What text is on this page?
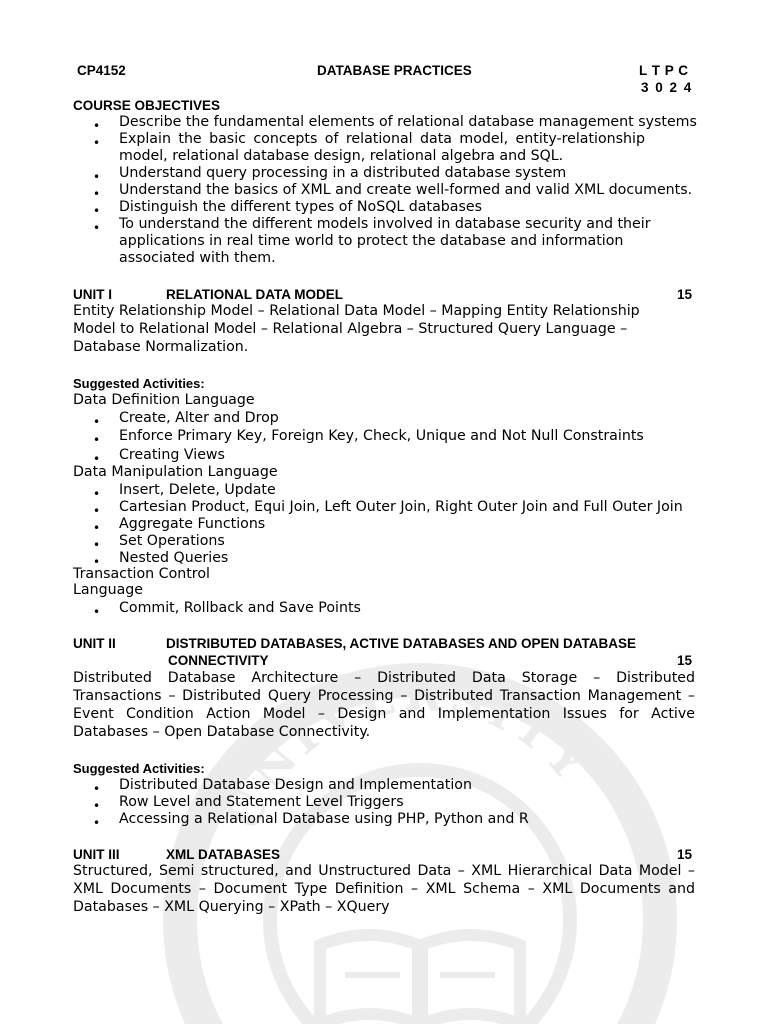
UNIVERSITY
CP4152	DATABASE PRACTICES	L T P C
3 0 2 4
COURSE OBJECTIVES
• Describe the fundamental elements of relational database management systems
• Explain the basic concepts of relational data model, entity-relationship
model, relational database design, relational algebra and SQL.
• Understand query processing in a distributed database system
• Understand the basics of XML and create well-formed and valid XML documents.
• Distinguish the different types of NoSQL databases
• To understand the different models involved in database security and their
applications in real time world to protect the database and information
associated with them.
UNIT I	RELATIONAL DATA MODEL	15
Entity Relationship Model – Relational Data Model – Mapping Entity Relationship
Model to Relational Model – Relational Algebra – Structured Query Language –
Database Normalization.
Suggested Activities:
Data Definition Language
• Create, Alter and Drop
• Enforce Primary Key, Foreign Key, Check, Unique and Not Null Constraints
• Creating Views
Data Manipulation Language
• Insert, Delete, Update
• Cartesian Product, Equi Join, Left Outer Join, Right Outer Join and Full Outer Join
• Aggregate Functions
• Set Operations
• Nested Queries
Transaction Control
Language
• Commit, Rollback and Save Points
UNIT II	DISTRIBUTED DATABASES, ACTIVE DATABASES AND OPEN DATABASE
CONNECTIVITY	15
Distributed Database Architecture – Distributed Data Storage – Distributed
Transactions – Distributed Query Processing – Distributed Transaction Management –
Event Condition Action Model – Design and Implementation Issues for Active
Databases – Open Database Connectivity.
Suggested Activities:
• Distributed Database Design and Implementation
• Row Level and Statement Level Triggers
• Accessing a Relational Database using PHP, Python and R
UNIT III	XML DATABASES	15
Structured, Semi structured, and Unstructured Data – XML Hierarchical Data Model –
XML Documents – Document Type Definition – XML Schema – XML Documents and
Databases – XML Querying – XPath – XQuery
